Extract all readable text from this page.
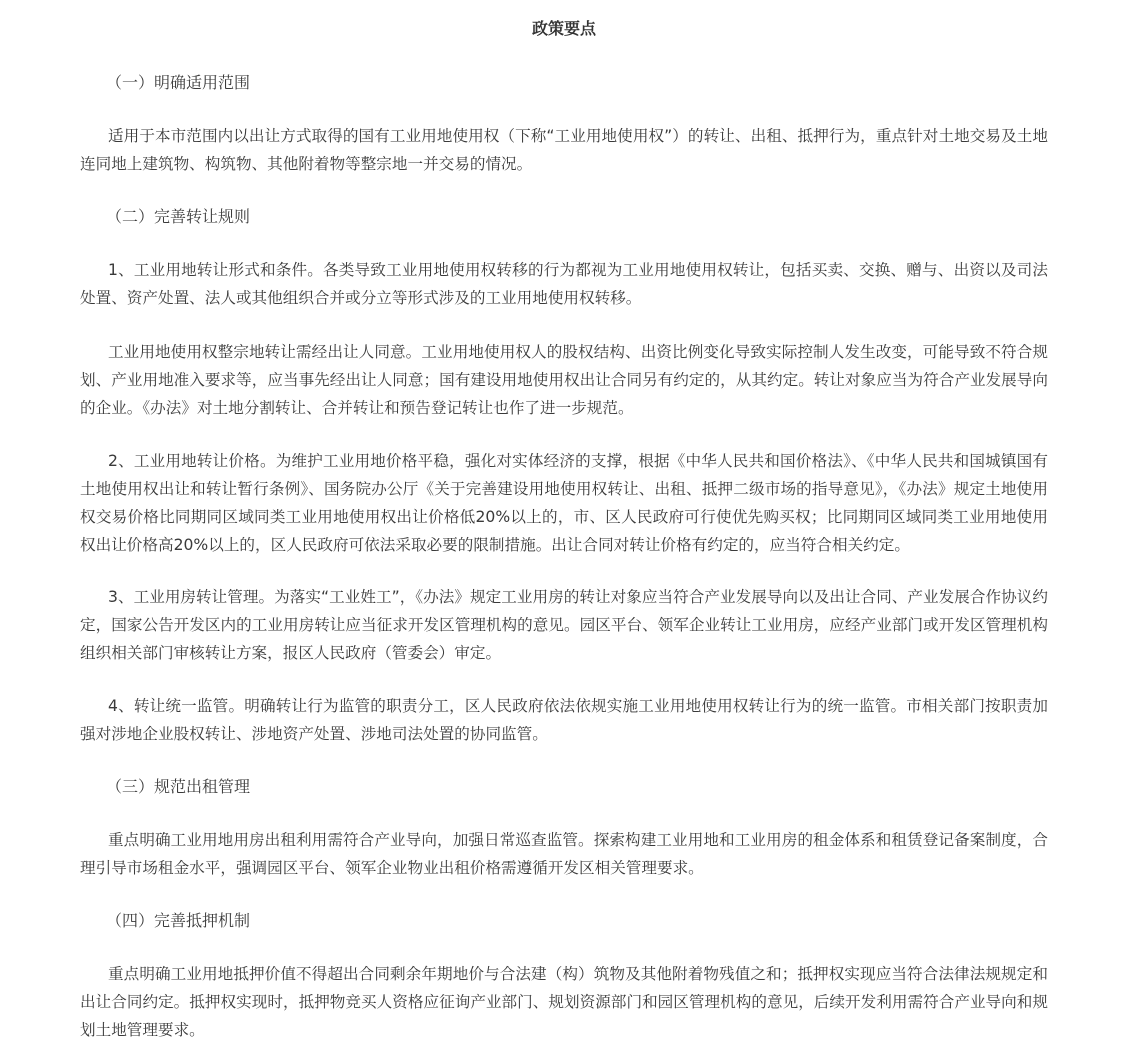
政策要点
（一）明确适用范围
适用于本市范围内以出让方式取得的国有工业用地使用权（下称“工业用地使用权”）的转让、出租、抵押行为，重点针对土地交易及土地连同地上建筑物、构筑物、其他附着物等整宗地一并交易的情况。
（二）完善转让规则
1、工业用地转让形式和条件。各类导致工业用地使用权转移的行为都视为工业用地使用权转让，包括买卖、交换、赠与、出资以及司法处置、资产处置、法人或其他组织合并或分立等形式涉及的工业用地使用权转移。
工业用地使用权整宗地转让需经出让人同意。工业用地使用权人的股权结构、出资比例变化导致实际控制人发生改变，可能导致不符合规划、产业用地准入要求等，应当事先经出让人同意；国有建设用地使用权出让合同另有约定的，从其约定。转让对象应当为符合产业发展导向的企业。《办法》对土地分割转让、合并转让和预告登记转让也作了进一步规范。
2、工业用地转让价格。为维护工业用地价格平稳，强化对实体经济的支撑，根据《中华人民共和国价格法》、《中华人民共和国城镇国有土地使用权出让和转让暂行条例》、国务院办公厅《关于完善建设用地使用权转让、出租、抵押二级市场的指导意见》，《办法》规定土地使用权交易价格比同期同区域同类工业用地使用权出让价格低20%以上的，市、区人民政府可行使优先购买权；比同期同区域同类工业用地使用权出让价格高20%以上的，区人民政府可依法采取必要的限制措施。出让合同对转让价格有约定的，应当符合相关约定。
3、工业用房转让管理。为落实“工业姓工”，《办法》规定工业用房的转让对象应当符合产业发展导向以及出让合同、产业发展合作协议约定，国家公告开发区内的工业用房转让应当征求开发区管理机构的意见。园区平台、领军企业转让工业用房，应经产业部门或开发区管理机构组织相关部门审核转让方案，报区人民政府（管委会）审定。
4、转让统一监管。明确转让行为监管的职责分工，区人民政府依法依规实施工业用地使用权转让行为的统一监管。市相关部门按职责加强对涉地企业股权转让、涉地资产处置、涉地司法处置的协同监管。
（三）规范出租管理
重点明确工业用地用房出租利用需符合产业导向，加强日常巡查监管。探索构建工业用地和工业用房的租金体系和租赁登记备案制度，合理引导市场租金水平，强调园区平台、领军企业物业出租价格需遵循开发区相关管理要求。
（四）完善抵押机制
重点明确工业用地抵押价值不得超出合同剩余年期地价与合法建（构）筑物及其他附着物残值之和；抵押权实现应当符合法律法规规定和出让合同约定。抵押权实现时，抵押物竞买人资格应征询产业部门、规划资源部门和园区管理机构的意见，后续开发利用需符合产业导向和规划土地管理要求。
